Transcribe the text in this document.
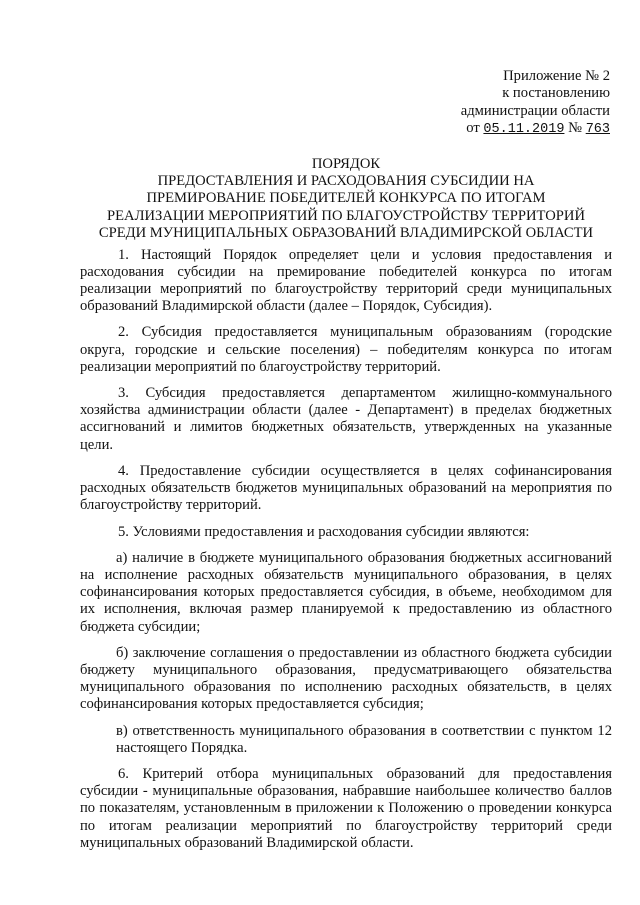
Приложение № 2
к постановлению
администрации области
от 05.11.2019 № 763
ПОРЯДОК
ПРЕДОСТАВЛЕНИЯ И РАСХОДОВАНИЯ СУБСИДИИ НА
ПРЕМИРОВАНИЕ ПОБЕДИТЕЛЕЙ КОНКУРСА ПО ИТОГАМ
РЕАЛИЗАЦИИ МЕРОПРИЯТИЙ ПО БЛАГОУСТРОЙСТВУ ТЕРРИТОРИЙ
СРЕДИ МУНИЦИПАЛЬНЫХ ОБРАЗОВАНИЙ ВЛАДИМИРСКОЙ ОБЛАСТИ

1. Настоящий Порядок определяет цели и условия предоставления и расходования субсидии на премирование победителей конкурса по итогам реализации мероприятий по благоустройству территорий среди муниципальных образований Владимирской области (далее – Порядок, Субсидия).

2. Субсидия предоставляется муниципальным образованиям (городские округа, городские и сельские поселения) – победителям конкурса по итогам реализации мероприятий по благоустройству территорий.

3. Субсидия предоставляется департаментом жилищно-коммунального хозяйства администрации области (далее - Департамент) в пределах бюджетных ассигнований и лимитов бюджетных обязательств, утвержденных на указанные цели.

4. Предоставление субсидии осуществляется в целях софинансирования расходных обязательств бюджетов муниципальных образований на мероприятия по благоустройству территорий.

5. Условиями предоставления и расходования субсидии являются:

а) наличие в бюджете муниципального образования бюджетных ассигнований на исполнение расходных обязательств муниципального образования, в целях софинансирования которых предоставляется субсидия, в объеме, необходимом для их исполнения, включая размер планируемой к предоставлению из областного бюджета субсидии;

б) заключение соглашения о предоставлении из областного бюджета субсидии бюджету муниципального образования, предусматривающего обязательства муниципального образования по исполнению расходных обязательств, в целях софинансирования которых предоставляется субсидия;

в) ответственность муниципального образования в соответствии с пунктом 12 настоящего Порядка.

6. Критерий отбора муниципальных образований для предоставления субсидии - муниципальные образования, набравшие наибольшее количество баллов по показателям, установленным в приложении к Положению о проведении конкурса по итогам реализации мероприятий по благоустройству территорий среди муниципальных образований Владимирской области.
